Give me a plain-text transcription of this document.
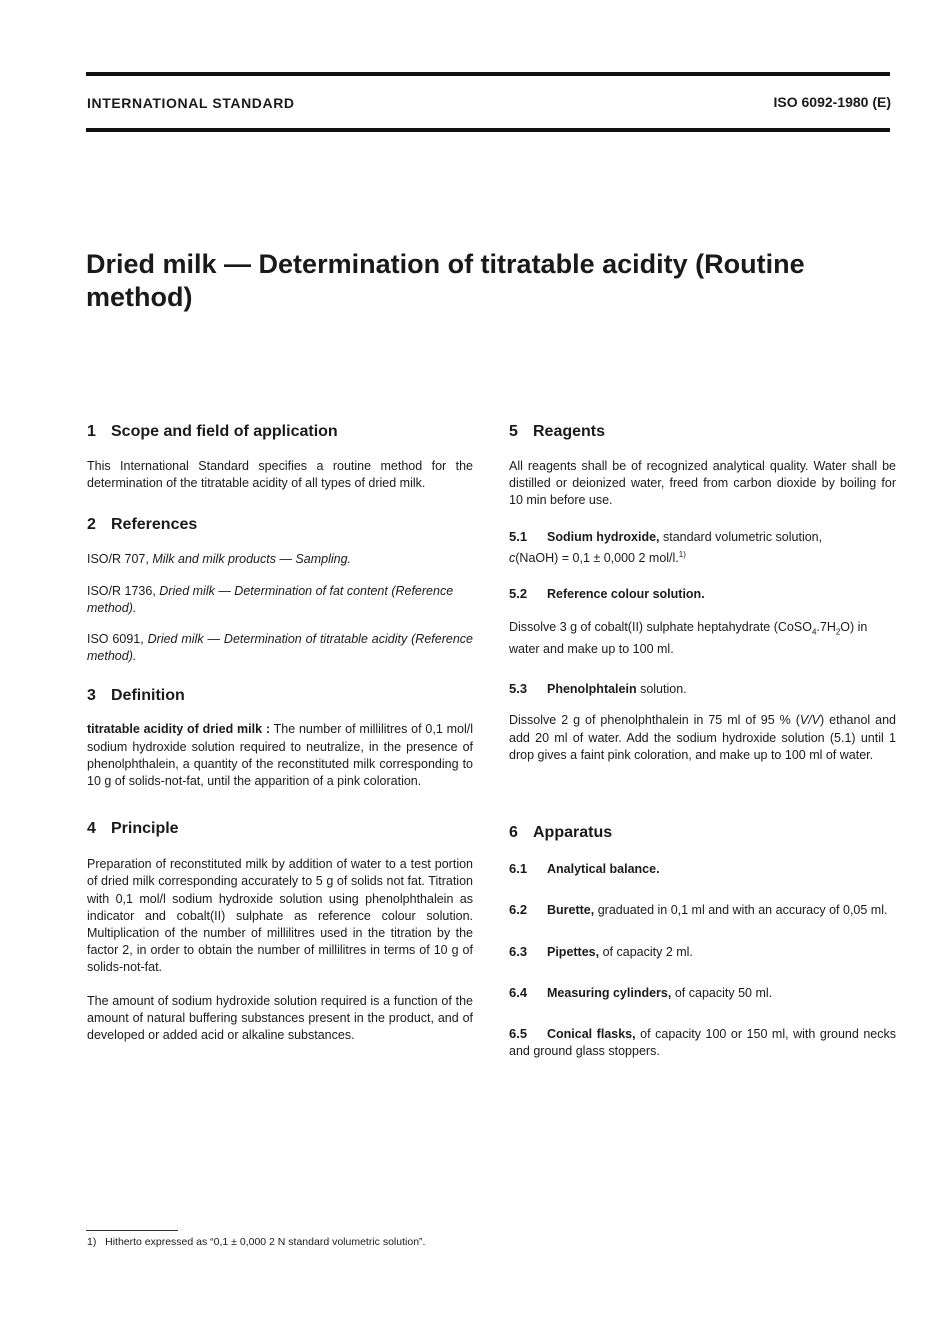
INTERNATIONAL STANDARD	ISO 6092-1980 (E)
Dried milk — Determination of titratable acidity (Routine method)
1 Scope and field of application

This International Standard specifies a routine method for the determination of the titratable acidity of all types of dried milk.

2 References

ISO/R 707, Milk and milk products — Sampling.

ISO/R 1736, Dried milk — Determination of fat content (Reference method).

ISO 6091, Dried milk — Determination of titratable acidity (Reference method).

3 Definition

titratable acidity of dried milk : The number of millilitres of 0,1 mol/l sodium hydroxide solution required to neutralize, in the presence of phenolphthalein, a quantity of the reconstituted milk corresponding to 10 g of solids-not-fat, until the apparition of a pink coloration.

4 Principle

Preparation of reconstituted milk by addition of water to a test portion of dried milk corresponding accurately to 5 g of solids not fat. Titration with 0,1 mol/l sodium hydroxide solution using phenolphthalein as indicator and cobalt(II) sulphate as reference colour solution. Multiplication of the number of millilitres used in the titration by the factor 2, in order to obtain the number of millilitres in terms of 10 g of solids-not-fat.

The amount of sodium hydroxide solution required is a function of the amount of natural buffering substances present in the product, and of developed or added acid or alkaline substances.

5 Reagents

All reagents shall be of recognized analytical quality. Water shall be distilled or deionized water, freed from carbon dioxide by boiling for 10 min before use.

5.1 Sodium hydroxide, standard volumetric solution,
c(NaOH) = 0,1 ± 0,000 2 mol/l.$^{1)}$

5.2 Reference colour solution.

Dissolve 3 g of cobalt(II) sulphate heptahydrate $(CoSO_4.7H_2O)$ in water and make up to 100 ml.

5.3 Phenolphtalein solution.

Dissolve 2 g of phenolphthalein in 75 ml of 95 % (V/V) ethanol and add 20 ml of water. Add the sodium hydroxide solution (5.1) until 1 drop gives a faint pink coloration, and make up to 100 ml of water.

6 Apparatus

6.1 Analytical balance.

6.2 Burette, graduated in 0,1 ml and with an accuracy of 0,05 ml.

6.3 Pipettes, of capacity 2 ml.

6.4 Measuring cylinders, of capacity 50 ml.

6.5 Conical flasks, of capacity 100 or 150 ml, with ground necks and ground glass stoppers.

1) Hitherto expressed as “0,1 ± 0,000 2 N standard volumetric solution”.
